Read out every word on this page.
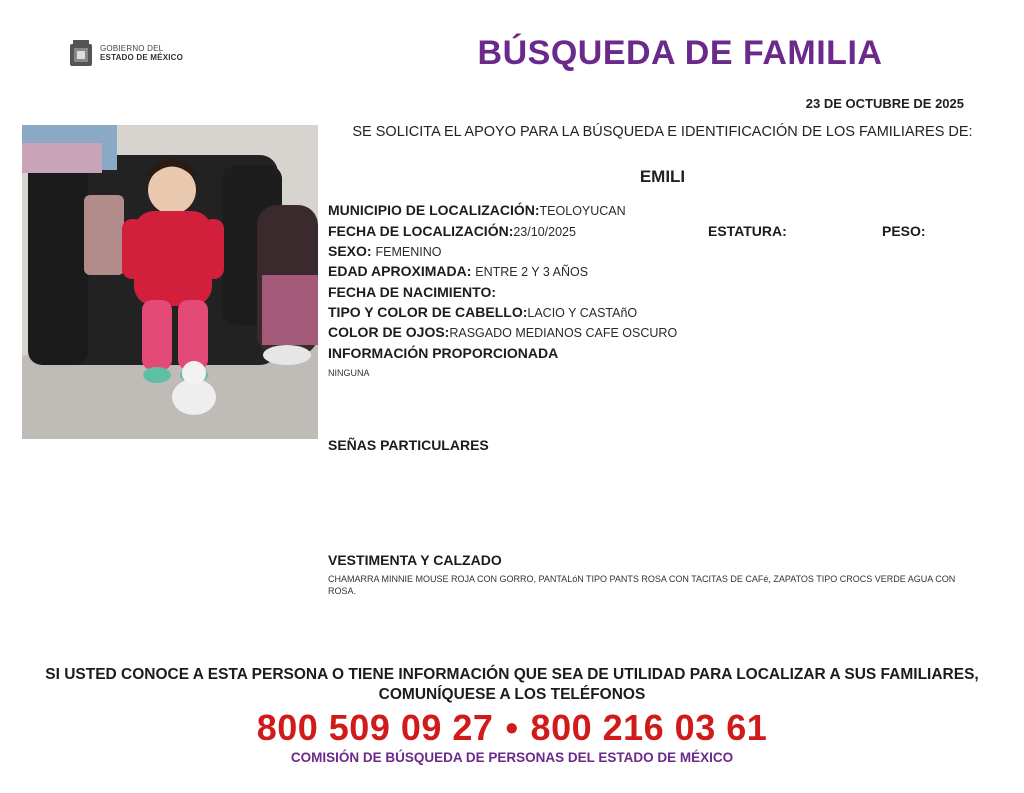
GOBIERNO DEL
ESTADO DE MÉXICO	BÚSQUEDA DE FAMILIA
23 DE OCTUBRE DE 2025
SE SOLICITA EL APOYO PARA LA BÚSQUEDA E IDENTIFICACIÓN DE LOS FAMILIARES DE:
EMILI
MUNICIPIO DE LOCALIZACIÓN:TEOLOYUCAN
FECHA DE LOCALIZACIÓN:23/10/2025	ESTATURA:	PESO:
SEXO: FEMENINO
EDAD APROXIMADA: ENTRE 2 Y 3 AÑOS
FECHA DE NACIMIENTO:
TIPO Y COLOR DE CABELLO:LACIO Y CASTAñO
COLOR DE OJOS:RASGADO MEDIANOS CAFE OSCURO
INFORMACIÓN PROPORCIONADA
NINGUNA
SEÑAS PARTICULARES
VESTIMENTA Y CALZADO
CHAMARRA MINNIE MOUSE ROJA CON GORRO, PANTALóN TIPO PANTS ROSA CON TACITAS DE CAFé, ZAPATOS TIPO CROCS VERDE AGUA CON ROSA.
SI USTED CONOCE A ESTA PERSONA O TIENE INFORMACIÓN QUE SEA DE UTILIDAD PARA LOCALIZAR A SUS FAMILIARES, COMUNÍQUESE A LOS TELÉFONOS
800 509 09 27 • 800 216 03 61
COMISIÓN DE BÚSQUEDA DE PERSONAS DEL ESTADO DE MÉXICO
